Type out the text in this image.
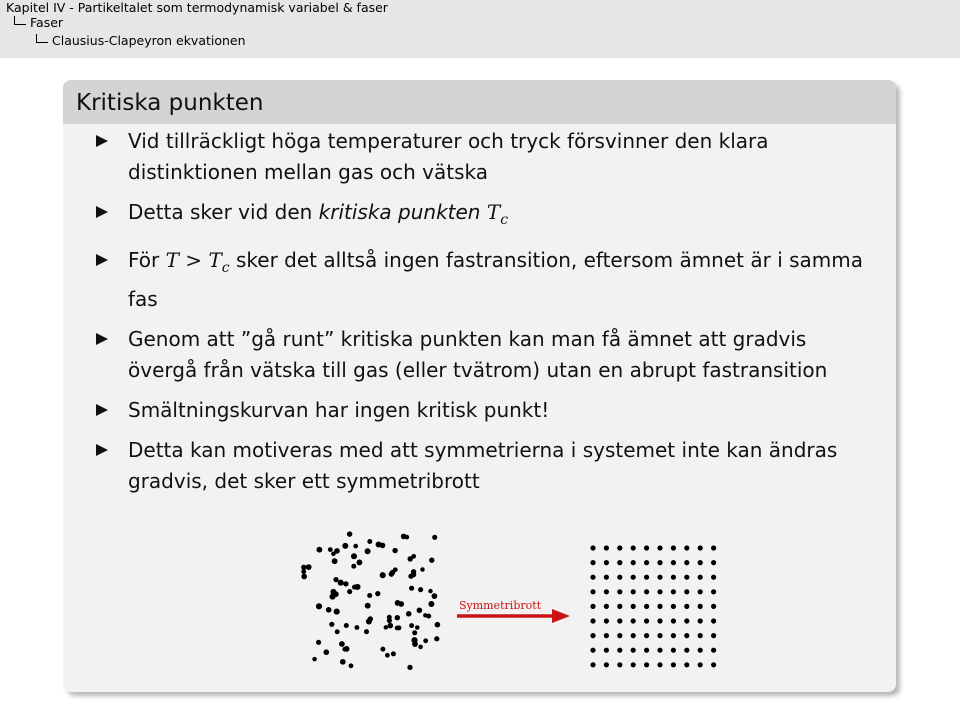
Kapitel IV - Partikeltalet som termodynamisk variabel & faser
Faser
Clausius-Clapeyron ekvationen
Kritiska punkten
Vid tillräckligt höga temperaturer och tryck försvinner den klara distinktionen mellan gas och vätska
Detta sker vid den kritiska punkten $T_c$
För $T > T_c$ sker det alltså ingen fastransition, eftersom ämnet är i samma fas
Genom att ”gå runt” kritiska punkten kan man få ämnet att gradvis övergå från vätska till gas (eller tvätrom) utan en abrupt fastransition
Smältningskurvan har ingen kritisk punkt!
Detta kan motiveras med att symmetrierna i systemet inte kan ändras gradvis, det sker ett symmetribrott
Symmetribrott
